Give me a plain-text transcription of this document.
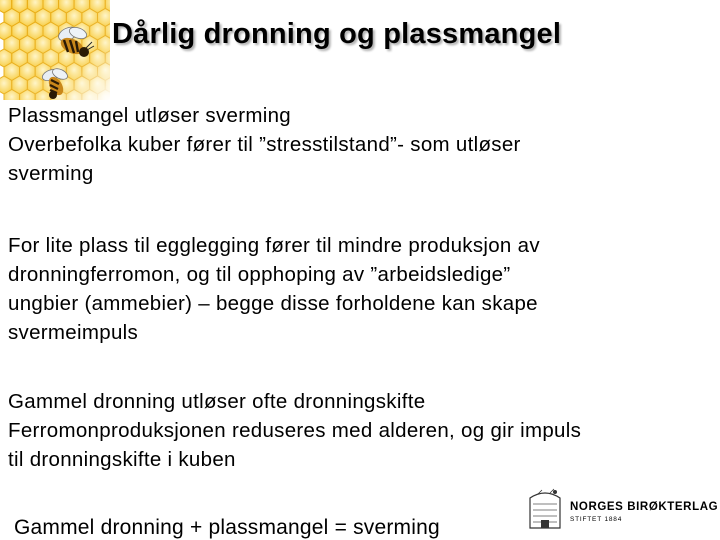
Dårlig dronning og plassmangel

Plassmangel utløser sverming
Overbefolka kuber fører til ”stresstilstand”- som utløser
sverming

For lite plass til egglegging fører til mindre produksjon av
dronningferromon, og til opphoping av ”arbeidsledige”
ungbier (ammebier) – begge disse forholdene kan skape
svermeimpuls

Gammel dronning utløser ofte dronningskifte
Ferromonproduksjonen reduseres med alderen, og gir impuls
til dronningskifte i kuben

Gammel dronning + plassmangel = sverming

NORGES BIRØKTERLAG
STIFTET 1884
